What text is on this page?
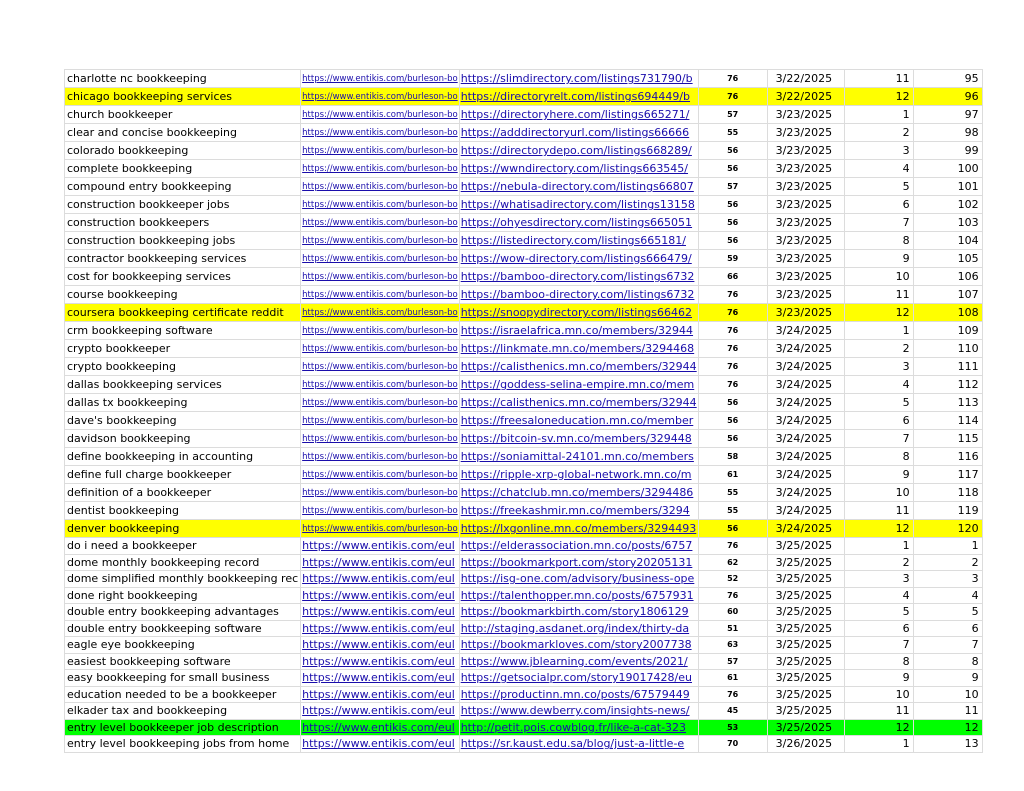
charlotte nc bookkeeping	https://www.entikis.com/burleson-bo	https://slimdirectory.com/listings731790/b	76	3/22/2025	11	95
chicago bookkeeping services	https://www.entikis.com/burleson-bo	https://directoryrelt.com/listings694449/b	76	3/22/2025	12	96
church bookkeeper	https://www.entikis.com/burleson-bo	https://directoryhere.com/listings665271/	57	3/23/2025	1	97
clear and concise bookkeeping	https://www.entikis.com/burleson-bo	https://adddirectoryurl.com/listings66666	55	3/23/2025	2	98
colorado bookkeeping	https://www.entikis.com/burleson-bo	https://directorydepo.com/listings668289/	56	3/23/2025	3	99
complete bookkeeping	https://www.entikis.com/burleson-bo	https://wwndirectory.com/listings663545/	56	3/23/2025	4	100
compound entry bookkeeping	https://www.entikis.com/burleson-bo	https://nebula-directory.com/listings66807	57	3/23/2025	5	101
construction bookkeeper jobs	https://www.entikis.com/burleson-bo	https://whatisadirectory.com/listings13158	56	3/23/2025	6	102
construction bookkeepers	https://www.entikis.com/burleson-bo	https://ohyesdirectory.com/listings665051	56	3/23/2025	7	103
construction bookkeeping jobs	https://www.entikis.com/burleson-bo	https://listedirectory.com/listings665181/	56	3/23/2025	8	104
contractor bookkeeping services	https://www.entikis.com/burleson-bo	https://wow-directory.com/listings666479/	59	3/23/2025	9	105
cost for bookkeeping services	https://www.entikis.com/burleson-bo	https://bamboo-directory.com/listings6732	66	3/23/2025	10	106
course bookkeeping	https://www.entikis.com/burleson-bo	https://bamboo-directory.com/listings6732	76	3/23/2025	11	107
coursera bookkeeping certificate reddit	https://www.entikis.com/burleson-bo	https://snoopydirectory.com/listings66462	76	3/23/2025	12	108
crm bookkeeping software	https://www.entikis.com/burleson-bo	https://israelafrica.mn.co/members/32944	76	3/24/2025	1	109
crypto bookkeeper	https://www.entikis.com/burleson-bo	https://linkmate.mn.co/members/3294468	76	3/24/2025	2	110
crypto bookkeeping	https://www.entikis.com/burleson-bo	https://calisthenics.mn.co/members/32944	76	3/24/2025	3	111
dallas bookkeeping services	https://www.entikis.com/burleson-bo	https://goddess-selina-empire.mn.co/mem	76	3/24/2025	4	112
dallas tx bookkeeping	https://www.entikis.com/burleson-bo	https://calisthenics.mn.co/members/32944	56	3/24/2025	5	113
dave's bookkeeping	https://www.entikis.com/burleson-bo	https://freesaloneducation.mn.co/member	56	3/24/2025	6	114
davidson bookkeeping	https://www.entikis.com/burleson-bo	https://bitcoin-sv.mn.co/members/329448	56	3/24/2025	7	115
define bookkeeping in accounting	https://www.entikis.com/burleson-bo	https://soniamittal-24101.mn.co/members	58	3/24/2025	8	116
define full charge bookkeeper	https://www.entikis.com/burleson-bo	https://ripple-xrp-global-network.mn.co/m	61	3/24/2025	9	117
definition of a bookkeeper	https://www.entikis.com/burleson-bo	https://chatclub.mn.co/members/3294486	55	3/24/2025	10	118
dentist bookkeeping	https://www.entikis.com/burleson-bo	https://freekashmir.mn.co/members/3294	55	3/24/2025	11	119
denver bookkeeping	https://www.entikis.com/burleson-bo	https://lxgonline.mn.co/members/3294493	56	3/24/2025	12	120
do i need a bookkeeper	https://www.entikis.com/eul	https://elderassociation.mn.co/posts/6757	76	3/25/2025	1	1
dome monthly bookkeeping record	https://www.entikis.com/eul	https://bookmarkport.com/story20205131	62	3/25/2025	2	2
dome simplified monthly bookkeeping rec	https://www.entikis.com/eul	https://isg-one.com/advisory/business-ope	52	3/25/2025	3	3
done right bookkeeping	https://www.entikis.com/eul	https://talenthopper.mn.co/posts/6757931	76	3/25/2025	4	4
double entry bookkeeping advantages	https://www.entikis.com/eul	https://bookmarkbirth.com/story1806129	60	3/25/2025	5	5
double entry bookkeeping software	https://www.entikis.com/eul	http://staging.asdanet.org/index/thirty-da	51	3/25/2025	6	6
eagle eye bookkeeping	https://www.entikis.com/eul	https://bookmarkloves.com/story2007738	63	3/25/2025	7	7
easiest bookkeeping software	https://www.entikis.com/eul	https://www.jblearning.com/events/2021/	57	3/25/2025	8	8
easy bookkeeping for small business	https://www.entikis.com/eul	https://getsocialpr.com/story19017428/eu	61	3/25/2025	9	9
education needed to be a bookkeeper	https://www.entikis.com/eul	https://productinn.mn.co/posts/67579449	76	3/25/2025	10	10
elkader tax and bookkeeping	https://www.entikis.com/eul	https://www.dewberry.com/insights-news/	45	3/25/2025	11	11
entry level bookkeeper job description	https://www.entikis.com/eul	http://petit.pois.cowblog.fr/like-a-cat-323	53	3/25/2025	12	12
entry level bookkeeping jobs from home	https://www.entikis.com/eul	https://sr.kaust.edu.sa/blog/just-a-little-e	70	3/26/2025	1	13
